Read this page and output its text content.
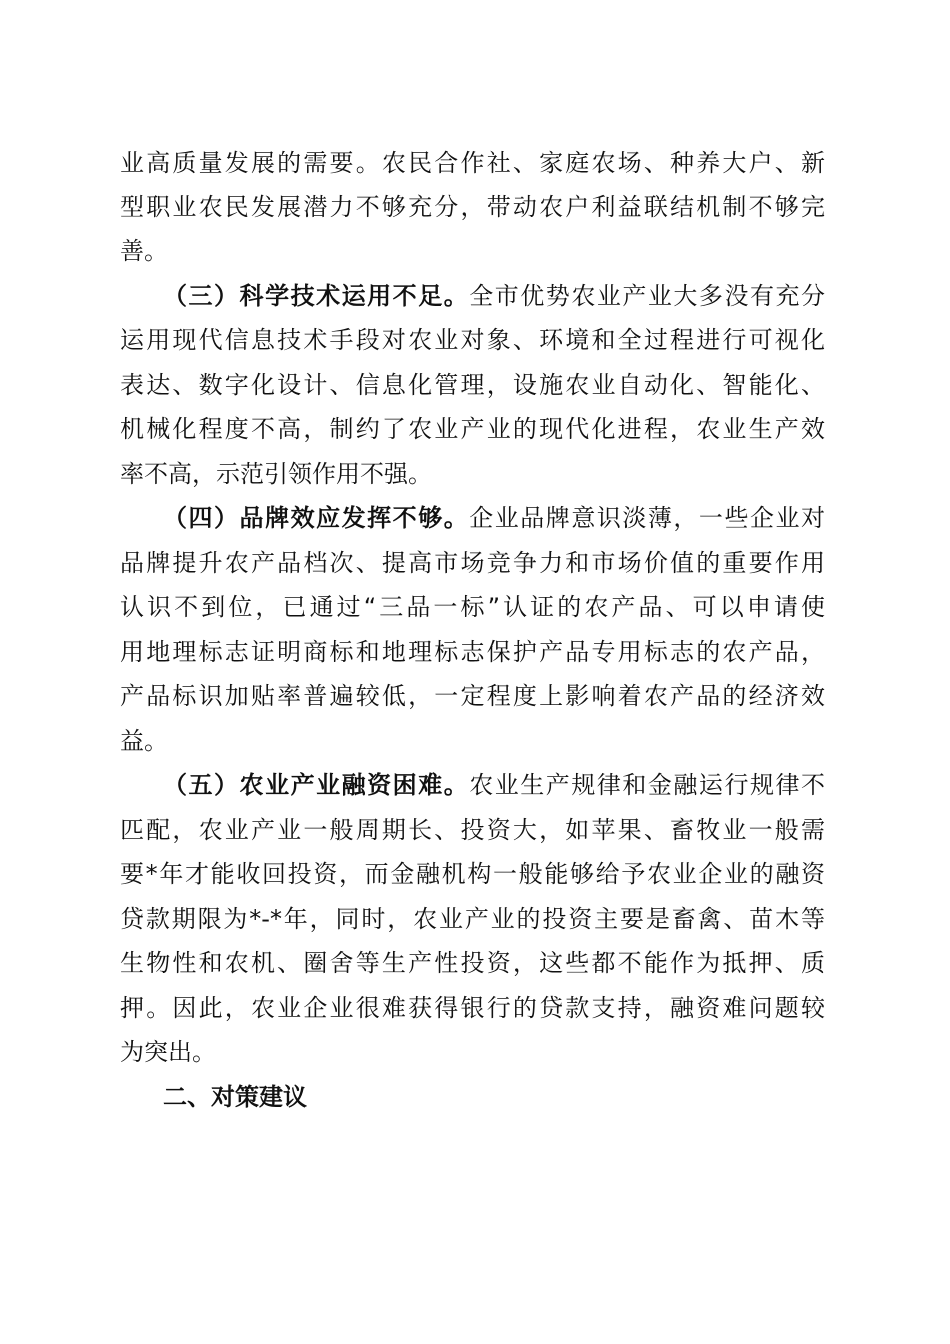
业高质量发展的需要。农民合作社、家庭农场、种养大户、新
型职业农民发展潜力不够充分，带动农户利益联结机制不够完
善。
（三）科学技术运用不足。全市优势农业产业大多没有充分
运用现代信息技术手段对农业对象、环境和全过程进行可视化
表达、数字化设计、信息化管理，设施农业自动化、智能化、
机械化程度不高，制约了农业产业的现代化进程，农业生产效
率不高，示范引领作用不强。
（四）品牌效应发挥不够。企业品牌意识淡薄，一些企业对
品牌提升农产品档次、提高市场竞争力和市场价值的重要作用
认识不到位，已通过“三品一标”认证的农产品、可以申请使
用地理标志证明商标和地理标志保护产品专用标志的农产品，
产品标识加贴率普遍较低，一定程度上影响着农产品的经济效
益。
（五）农业产业融资困难。农业生产规律和金融运行规律不
匹配，农业产业一般周期长、投资大，如苹果、畜牧业一般需
要*年才能收回投资，而金融机构一般能够给予农业企业的融资
贷款期限为*-*年，同时，农业产业的投资主要是畜禽、苗木等
生物性和农机、圈舍等生产性投资，这些都不能作为抵押、质
押。因此，农业企业很难获得银行的贷款支持，融资难问题较
为突出。
二、对策建议
